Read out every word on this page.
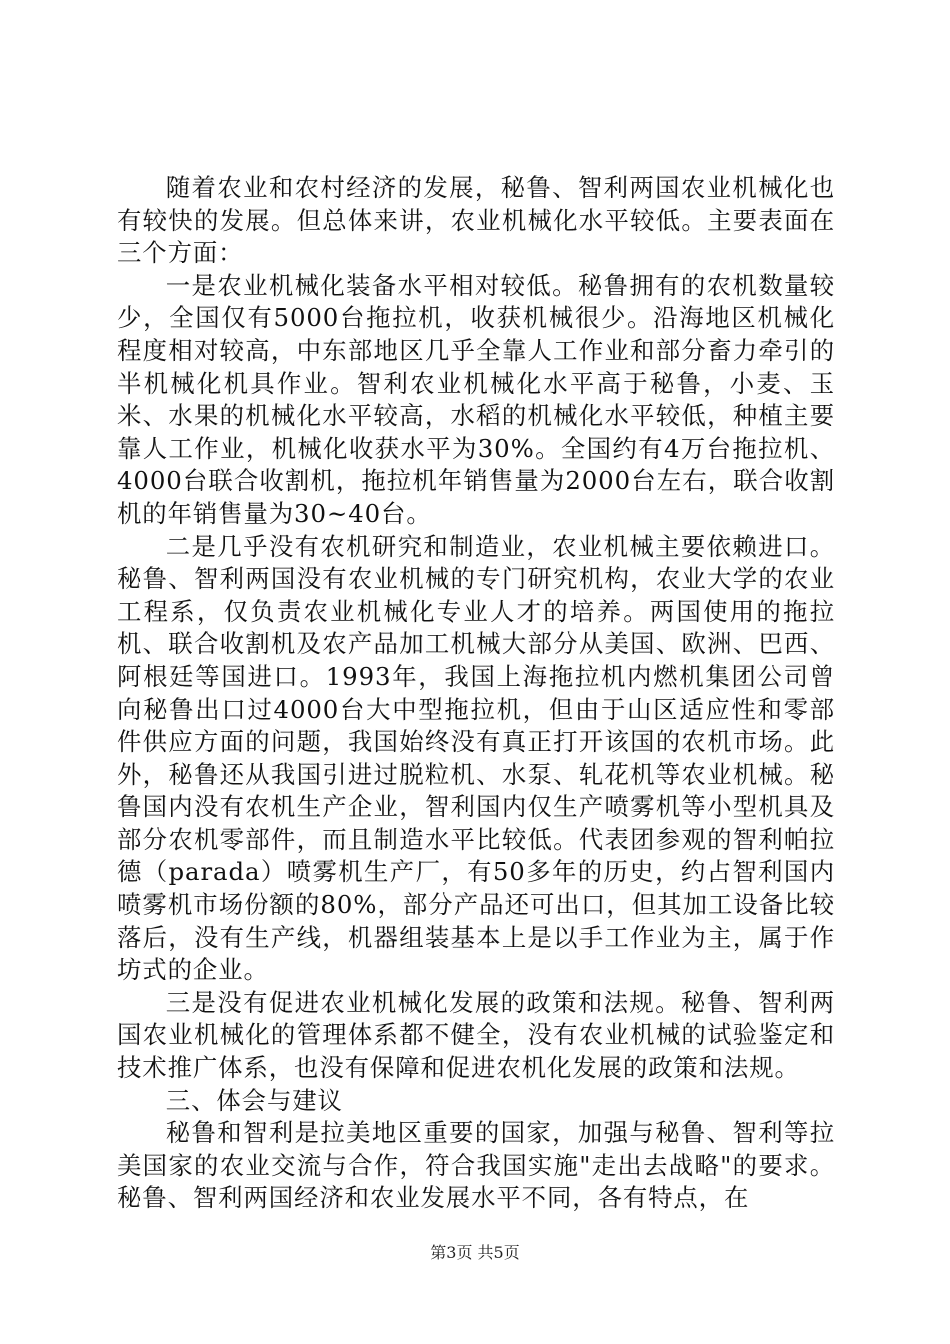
随着农业和农村经济的发展，秘鲁、智利两国农业机械化也有较快的发展。但总体来讲，农业机械化水平较低。主要表面在三个方面：

一是农业机械化装备水平相对较低。秘鲁拥有的农机数量较少，全国仅有5000台拖拉机，收获机械很少。沿海地区机械化程度相对较高，中东部地区几乎全靠人工作业和部分畜力牵引的半机械化机具作业。智利农业机械化水平高于秘鲁，小麦、玉米、水果的机械化水平较高，水稻的机械化水平较低，种植主要靠人工作业，机械化收获水平为30%。全国约有4万台拖拉机、4000台联合收割机，拖拉机年销售量为2000台左右，联合收割机的年销售量为30~40台。

二是几乎没有农机研究和制造业，农业机械主要依赖进口。秘鲁、智利两国没有农业机械的专门研究机构，农业大学的农业工程系，仅负责农业机械化专业人才的培养。两国使用的拖拉机、联合收割机及农产品加工机械大部分从美国、欧洲、巴西、阿根廷等国进口。1993年，我国上海拖拉机内燃机集团公司曾向秘鲁出口过4000台大中型拖拉机，但由于山区适应性和零部件供应方面的问题，我国始终没有真正打开该国的农机市场。此外，秘鲁还从我国引进过脱粒机、水泵、轧花机等农业机械。秘鲁国内没有农机生产企业，智利国内仅生产喷雾机等小型机具及部分农机零部件，而且制造水平比较低。代表团参观的智利帕拉德（parada）喷雾机生产厂，有50多年的历史，约占智利国内喷雾机市场份额的80%，部分产品还可出口，但其加工设备比较落后，没有生产线，机器组装基本上是以手工作业为主，属于作坊式的企业。

三是没有促进农业机械化发展的政策和法规。秘鲁、智利两国农业机械化的管理体系都不健全，没有农业机械的试验鉴定和技术推广体系，也没有保障和促进农机化发展的政策和法规。

三、体会与建议

秘鲁和智利是拉美地区重要的国家，加强与秘鲁、智利等拉美国家的农业交流与合作，符合我国实施"走出去战略"的要求。秘鲁、智利两国经济和农业发展水平不同，各有特点，在

第3页 共5页
